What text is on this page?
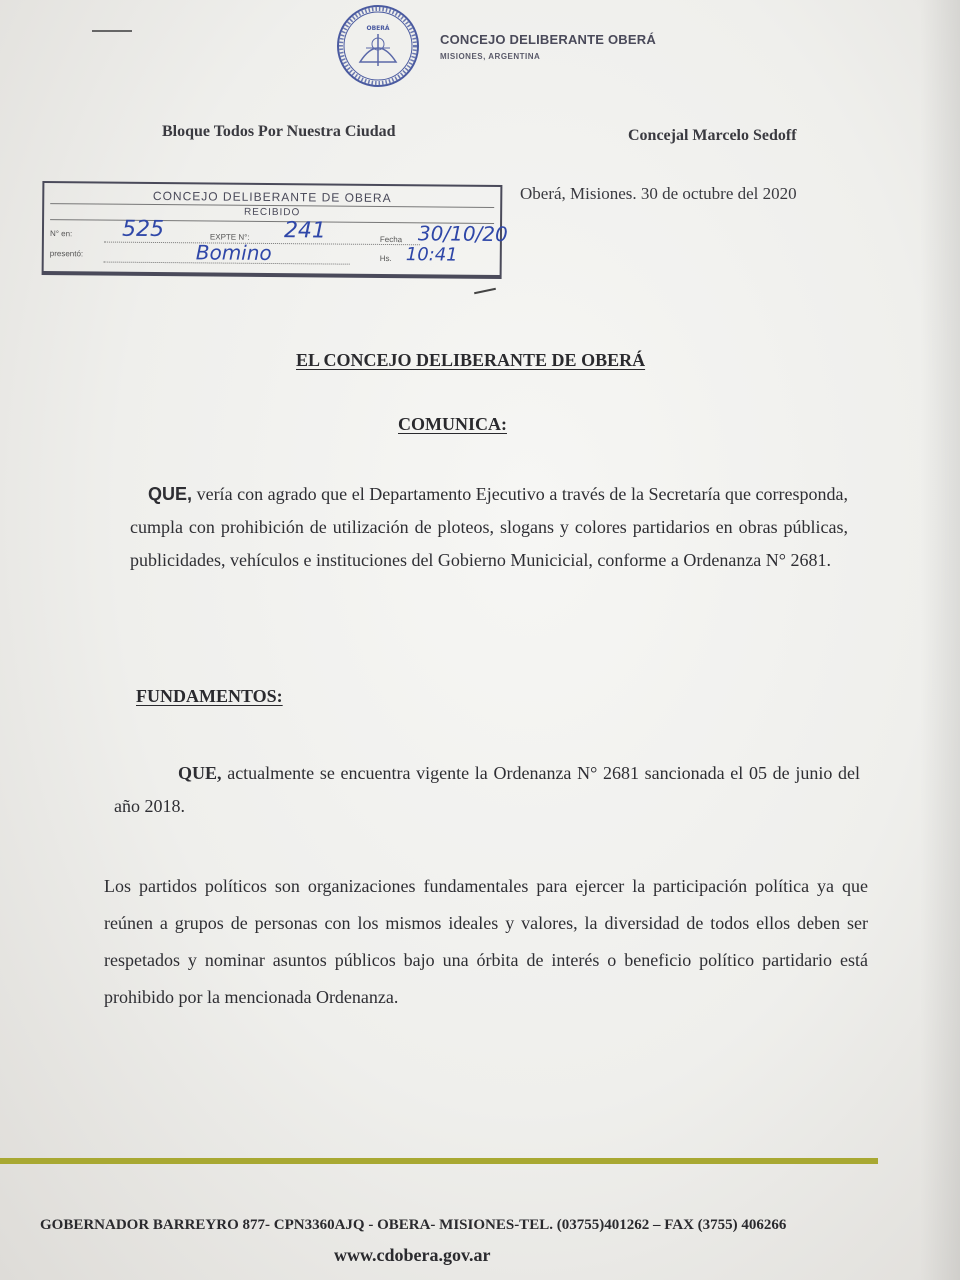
OBERÁ
CONCEJO DELIBERANTE OBERÁ
MISIONES, ARGENTINA
Bloque Todos Por Nuestra Ciudad	Concejal Marcelo Sedoff
Oberá, Misiones. 30 de octubre del 2020
CONCEJO DELIBERANTE DE OBERA
RECIBIDO
N° en: 525	EXPTE N°: 241	Fecha 30/10/20
presentó:	Bomino	Hs. 10:41
EL CONCEJO DELIBERANTE DE OBERÁ
COMUNICA:
QUE, vería con agrado que el Departamento Ejecutivo a través de la Secretaría que corresponda, cumpla con prohibición de utilización de ploteos, slogans y colores partidarios en obras públicas, publicidades, vehículos e instituciones del Gobierno Municicial, conforme a Ordenanza N° 2681.
FUNDAMENTOS:
QUE, actualmente se encuentra vigente la Ordenanza N° 2681 sancionada el 05 de junio del año 2018.
Los partidos políticos son organizaciones fundamentales para ejercer la participación política ya que reúnen a grupos de personas con los mismos ideales y valores, la diversidad de todos ellos deben ser respetados y nominar asuntos públicos bajo una órbita de interés o beneficio político partidario está prohibido por la mencionada Ordenanza.
GOBERNADOR BARREYRO 877- CPN3360AJQ - OBERA- MISIONES-TEL. (03755)401262 – FAX (3755) 406266
www.cdobera.gov.ar
